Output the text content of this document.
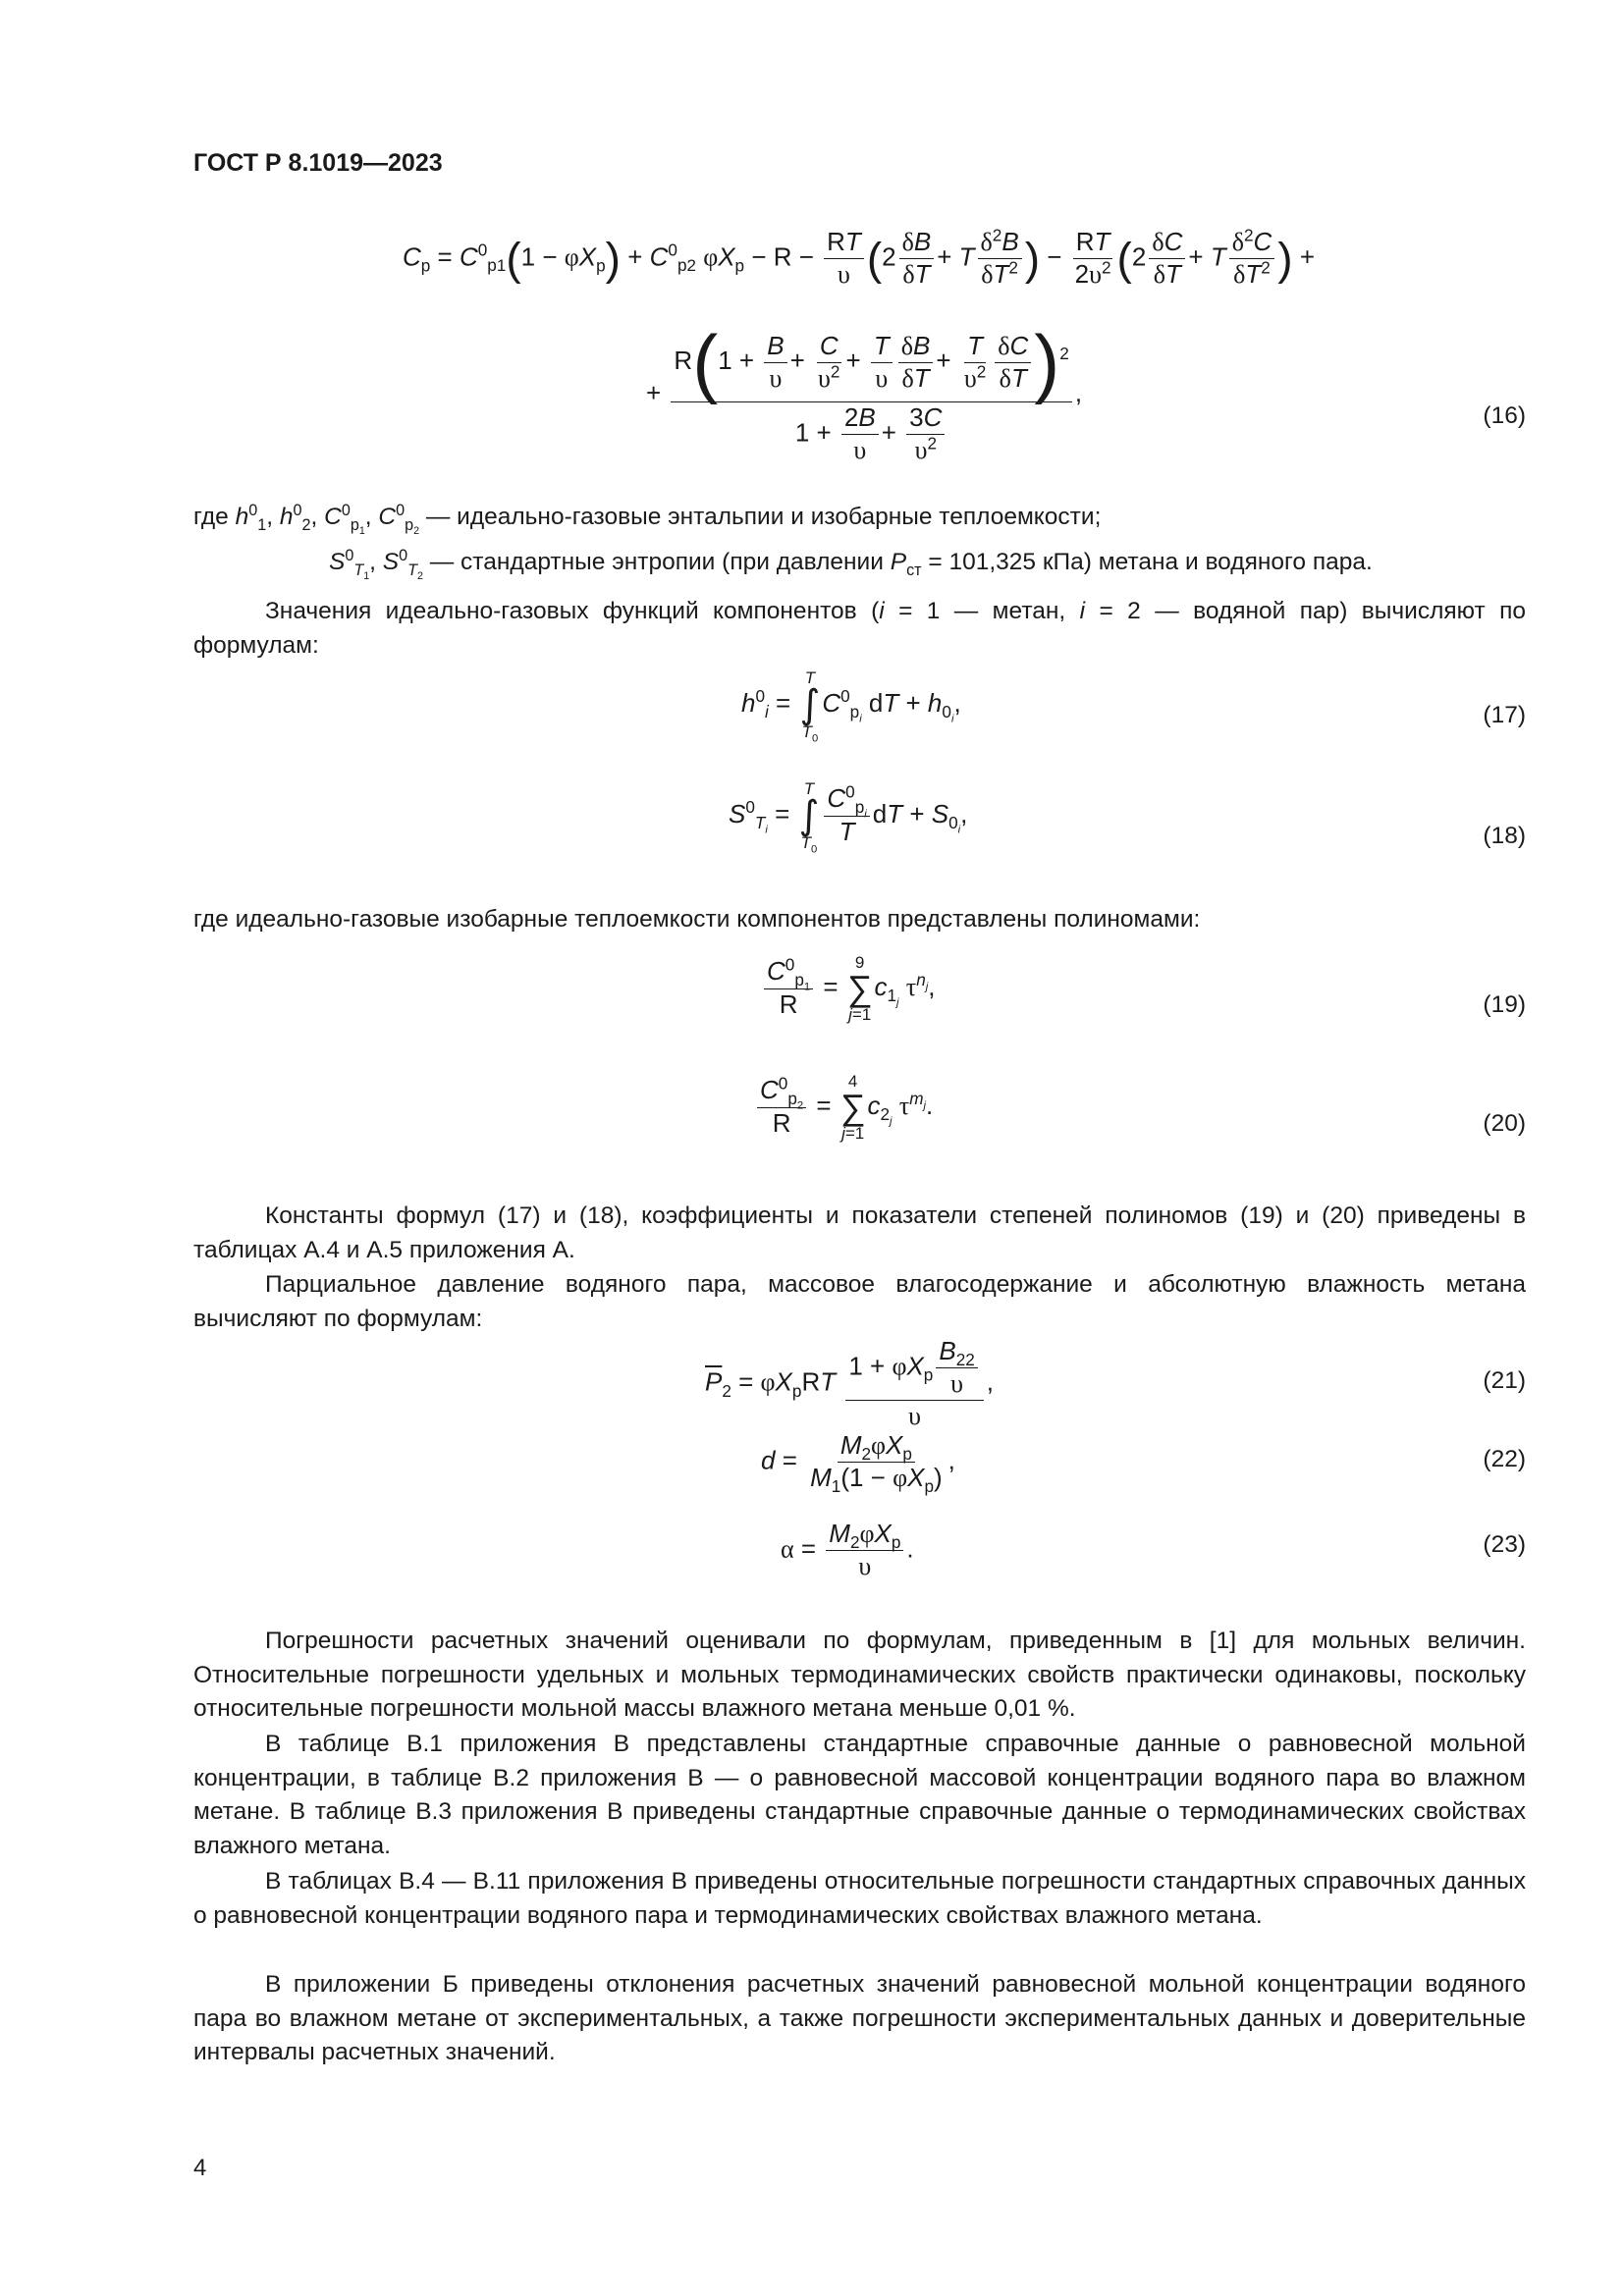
ГОСТ Р 8.1019—2023
$C_p = C^0_{p1}(1 - \varphi X_p) + C^0_{p2}$ $\varphi X_p - R - \frac{RT}{\upsilon} (2 \frac{\delta B}{\delta T} + T \frac{\delta^2B}{\delta T^2}$ ) − $\frac{RT}{2\upsilon^2} (2 \frac{\delta C}{\delta T} + T \frac{\delta^2C}{\delta T^2}$ ) +
+ $\frac{R(1 + \frac{B}{\upsilon} + \frac{C}{\upsilon^2} + \frac{T}{\upsilon} \frac{\delta B}{\delta T} + \frac{T}{\upsilon^2} \frac{\delta C}{\delta T} )^2}{1 + \frac{2B}{\upsilon} + \frac{3C}{\upsilon^2}}$ ,
(16)
где $h^0_1$, $h^0_2$, $C^0_{p_1}$, $C^0_{p_2}$ — идеально-газовые энтальпии и изобарные теплоемкости;
$S^0_{T_1}$, $S^0_{T_2}$ — стандартные энтропии (при давлении $P_{ст} = 101,325$ кПа) метана и водяного пара.
Значения идеально-газовых функций компонентов (i = 1 — метан, i = 2 — водяной пар) вычисляют по формулам:
$h^0_i$ =
T
∫
$T_0$
$C^0_{p_i}$ dT + $h_{0_i}$,	(17)
$S^0_{T_i}$ =
T
∫
$T_0$
$\frac{C^0_{p_i}}{T}$ dT + $S_{0_i}$,
(18)
где идеально-газовые изобарные теплоемкости компонентов представлены полиномами:
$\frac{C^0_{p_1}}{R}$ =
9
∑
j=1
$c_{1_j}$ $\tau^{n_j}$,
(19)
$\frac{C^0_{p_2}}{R}$ =
4
∑
j=1
$c_{2_j}$ $\tau^{m_j}$.
(20)
Константы формул (17) и (18), коэффициенты и показатели степеней полиномов (19) и (20) приведены в таблицах А.4 и А.5 приложения А.
Парциальное давление водяного пара, массовое влагосодержание и абсолютную влажность метана вычисляют по формулам:
$\overline{P}_2 = \varphi X_pRT \frac{1 + \varphi X_p \frac{B_{22}}{\upsilon}}{\upsilon}$ ,	(21)
$d = \frac{M_2\varphi X_p}{M_1(1 - \varphi X_p)}$ ,	(22)
$\alpha = \frac{M_2\varphi X_p}{\upsilon}$ .	(23)
Погрешности расчетных значений оценивали по формулам, приведенным в [1] для мольных величин. Относительные погрешности удельных и мольных термодинамических свойств практически одинаковы, поскольку относительные погрешности мольной массы влажного метана меньше 0,01 %.
В таблице В.1 приложения В представлены стандартные справочные данные о равновесной мольной концентрации, в таблице В.2 приложения В — о равновесной массовой концентрации водяного пара во влажном метане. В таблице В.3 приложения В приведены стандартные справочные данные о термодинамических свойствах влажного метана.
В таблицах В.4 — В.11 приложения В приведены относительные погрешности стандартных справочных данных о равновесной концентрации водяного пара и термодинамических свойствах влажного метана.
В приложении Б приведены отклонения расчетных значений равновесной мольной концентрации водяного пара во влажном метане от экспериментальных, а также погрешности экспериментальных данных и доверительные интервалы расчетных значений.
4
